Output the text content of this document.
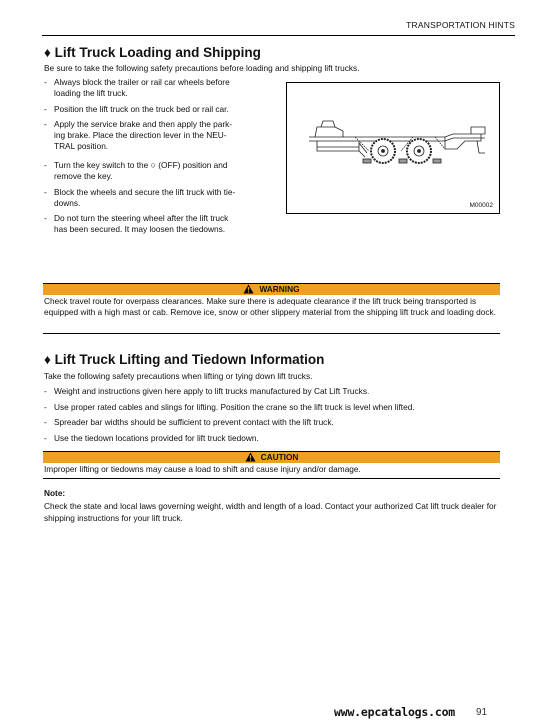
TRANSPORTATION HINTS
♦ Lift Truck Loading and Shipping
Be sure to take the following safety precautions before loading and shipping lift trucks.
- Always block the trailer or rail car wheels before
loading the lift truck.
- Position the lift truck on the truck bed or rail car.
- Apply the service brake and then apply the park-
ing brake. Place the direction lever in the NEU-
TRAL position.
- Turn the key switch to the ○ (OFF) position and
remove the key.
- Block the wheels and secure the lift truck with tie-
downs.
- Do not turn the steering wheel after the lift truck
has been secured. It may loosen the tiedowns.
M00002
WARNING
Check travel route for overpass clearances. Make sure there is adequate clearance if the lift truck being transported is equipped with a high mast or cab. Remove ice, snow or other slippery material from the shipping lift truck and loading dock.
♦ Lift Truck Lifting and Tiedown Information
Take the following safety precautions when lifting or tying down lift trucks.
- Weight and instructions given here apply to lift trucks manufactured by Cat Lift Trucks.
- Use proper rated cables and slings for lifting. Position the crane so the lift truck is level when lifted.
- Spreader bar widths should be sufficient to prevent contact with the lift truck.
- Use the tiedown locations provided for lift truck tiedown.
CAUTION
Improper lifting or tiedowns may cause a load to shift and cause injury and/or damage.
Note:
Check the state and local laws governing weight, width and length of a load. Contact your authorized Cat lift truck dealer for shipping instructions for your lift truck.
www.epcatalogs.com 91
